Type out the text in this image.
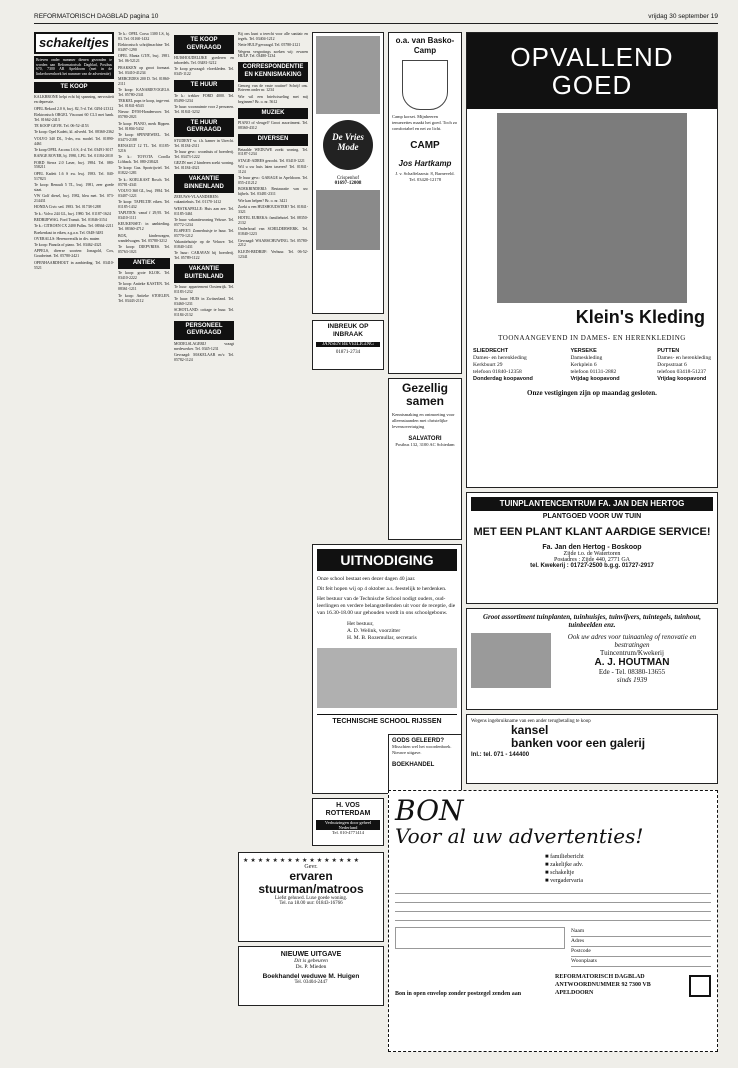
REFORMATORISCH DAGBLAD pagina 10	vrijdag 30 september 19
schakeltjes
Brieven onder nummer dienen gezonden te worden aan Reformatorisch Dagblad, Postbus 670, 7300 AR Apeldoorn (met in de linkerbovenhoek het nummer van de advertentie)
TE KOOP

KALKBRONE helpt echt bij spanning, nervositeit en depressie.

OPEL Rekord 2.0 S, bwj. 82, 5-d. Tel. 0294-21312

Elektronisch ORGEL Viscount 60 CL3 met bank. Tel. 01662-2413

TE KOOP GEVR. Tel. 06-52-4153

Te koop: Opel Kadett, kl. zilverbl. Tel. 08360-2362

VOLVO 340 DL, 3-drs, nw. model. Tel. 01890-4461

Te koop OPEL Ascona 1.6 S, 4-d. Tel. 03491-3017

RANGE ROVER, bj. 1980, LPG. Tel. 01184-2010

FORD Sierra 2.0 Laser, bwj. 1984. Tel. 080-558211

OPEL Kadett 1.6 S zw. bwj. 1983. Tel. 040-517823

Te koop: Renault 5 TL, bwj. 1981, zeer goede staat.

VW Golf diesel, bwj. 1982, bleu met. Tel. 073-214431

HONDA Civic sed. 1983. Tel. 01738-1288

Te k.: Volvo 244 GL, bwj. 1980. Tel. 01187-1624

BEDRIJFWAG. Ford Transit. Tel. 01846-3154

Te k.: CITROEN CX 2400 Pallas. Tel. 08364-2211

Boekenkast in eiken, z.g.a.n. Tel. 0348-3481

OVERALLS: Herenoveralls in div. maten

Te koop: Pianola of piano. Tel. 03462-4321

APPELS, diverse soorten: Jonagold, Cox, Goudreinet. Tel. 05780-2421

OPENHAARDHOUT in aanbieding. Tel. 03410-5521

Te k.: OPEL Corsa 1300 LS, bj. 83. Tel. 01160-1432

Elektronisch schrijfmachine Tel. 03497-1290

OPEL Manta GT/E, bwj. 1981. Tel. 06-52121

PRAKKEN op groot formaat. Tel. 03410-41234

MERCEDES 200 D. Tel. 01860-2111

Te koop: KANARIEVOGELS. Tel. 05780-2341

TEKKEL pups te koop, inge-ent. Tel. 01841-6543

Nieuw: DVM-Hondenvoer. Tel. 05780-2021

Te koop: PIANO, merk Rippen. Tel. 01804-5432

Te koop: SPINNEWIEL. Tel. 03473-2188

RENAULT 12 TL. Tel. 01185-5216

Te k.: TOYOTA Corolla Liftback. Tel. 080-238421

Te koop: Gaz. Sportrijwiel. Tel. 01822-1281

Te k.: KOELKAST Bosch. Tel. 05781-4341

VOLVO 360 GL, bwj. 1984. Tel. 03407-1221

Te koop: TAFELTJE eiken. Tel. 01185-1432

TAPIJTEN: vanaf f 29,95. Tel. 03410-1111

KEUKENSET: in aanbieding. Tel. 08360-4712

BOX, kinderwagen, wandelwagen. Tel. 05780-3212

Te koop: DIEPVRIES. Tel. 05763-1021

ANTIEK

Te koop: grote KLOK. Tel. 03410-2222

Te koop: Antieke KASTEN. Tel. 08361-1211

Te koop: Antieke STOELEN. Tel. 03443-2112

TE KOOP GEVRAAGD

HUISHOUDELIJKE goederen en inboedels. Tel. 03481-3212

Te koop gevraagd: vloerkleden. Tel. 0345-1122

TE HUUR

Te k.: trekker FORD 4000. Tel. 05490-1234

Te huur: woonruimte voor 2 personen. Tel. 01841-3232

TE HUUR GEVRAAGD

STUDENT vr. t.h. kamer in Utrecht. Tel. 01184-2311

Te huur gevr.: woonhuis of boerderij. Tel. 03473-1222

GEZIN met 2 kinderen zoekt woning. Tel. 01184-4321

VAKANTIE BINNENLAND

ZEEUWS-VLAANDEREN: vakantiehuis. Tel. 01170-1412

WESTKAPELLE: Huis aan zee. Tel. 01185-3461

Te huur: vakantiewoning Veluwe. Tel. 05772-1234

ELSPEET: Zomerhuisje te huur. Tel. 05770-1212

Vakantiehuisje op de Veluwe. Tel. 01840-1431

Te huur: CARAVAN bij boerderij. Tel. 05789-1122

VAKANTIE BUITENLAND

Te huur: appartement Oostenrijk. Tel. 01183-1232

Te huur: HUIS in Zwitserland. Tel. 03460-1231

SCHOTLAND: cottage te huur. Tel. 01184-2132

PERSONEEL GEVRAAGD

MODELSLAGERIJ vraagt medewerker. Tel. 0345-1231

Gevraagd: MAKELAAR m/v. Tel. 05782-1124

Bij ons kunt u terecht voor alle sanitair en tegels. Tel. 03404-1212

Nette HULP gevraagd. Tel. 05780-2121

Wegens vergrotings zoeken wij: ervaren HULP. Tel. 03480-1234

CORRESPONDENTIE EN KENNISMAKING

Genoeg van de vaste routine? Schrijf ons. Brieven onder nr. 1234

Wie wil een briefwisseling met mij beginnen? Br. o. nr. 5612

MUZIEK

PIANO of vleugel? Groot assortiment. Tel. 08360-4312

DIVERSEN

Betaalde WEDUWE zoekt woning. Tel. 01187-1234

STAGE-ADRES gezocht. Tel. 03410-1221

Wil u uw huis laten taxeren? Tel. 01841-1124

Te huur gevr.: GARAGE in Apeldoorn. Tel. 055-411212

BOEKBINDERIJ: Restauratie van uw bijbels. Tel. 03481-2311

Wie kan helpen? Br. o. nr. 3421

Zoekt u een HUISHOUDSTER? Tel. 01841-3321

HOTEL EUREKA: familiehotel. Tel. 08350-2132

Onderhoud van SCHILDERWERK. Tel. 01840-1223

Gevraagd: WAARSCHUWING. Tel. 05780-2212

KLEIN-BEDRIJF: Verhuur. Tel. 06-52-12341

De Vries
Mode
Crispenhof
01697-12008
INBREUK OP INBRAAK
JANSEN BEVEILIGING
01871-2734
o.a. van Basko-Camp
Camp korset. Mijnheeren tenuezettes maakt het goed. Toch zo comfortabel en net zo licht.
CAMP
Jos Hartkamp
J. v. Schaffelaarstr. 8, Barneveld. Tel. 03420-12178
Gezellig samen
Kennismaking en ontmoeting voor alleenstaanden met christelijke levensovertuiging
SALVATORI
Postbus 132, 3100 AC Schiedam
OPVALLEND GOED
Klein's Kleding
TOONAANGEVEND IN DAMES- EN HERENKLEDING
SLIEDRECHT
Dames- en herenkleding
Kerkbuurt 29
telefoon 01840-12358
Donderdag koopavond
YERSEKE
Dameskleding
Kerkplein 6
telefoon 01131-2882
Vrijdag koopavond
PUTTEN
Dames- en herenkleding
Dorpsstraat 6
telefoon 03418-51237
Vrijdag koopavond
Onze vestigingen zijn op maandag gesloten.
UITNODIGING
Onze school bestaat een dezer dagen 40 jaar.
Dit feit hopen wij op 4 oktober a.s. feestelijk te herdenken.
Het bestuur van de Technische School nodigt ouders, oud-leerlingen en verdere belangstellenden uit voor de receptie, die van 16.30-18.00 uur gehouden wordt in ons schoolgebouw.
Het bestuur,
A. D. Welink, voorzitter
H. M. B. Rozemullar, secretaris
TECHNISCHE SCHOOL RIJSSEN
TUINPLANTENCENTRUM FA. JAN DEN HERTOG
PLANTGOED VOOR UW TUIN
MET EEN PLANT KLANT AARDIGE SERVICE!
Fa. Jan den Hertog - Boskoop
Zijde t.o. de Watertoren
Postadres : Zijde 440, 2771 GA
tel. Kwekerij : 01727-2500 b.g.g. 01727-2917
Groot assortiment tuinplanten, tuinhuisjes, tuinvijvers, tuintegels, tuinhout, tuinbeelden enz.
Ook uw adres voor tuinaanleg of renovatie en bestratingen
Tuincentrum/Kwekerij
A. J. HOUTMAN
Ede - Tel. 08380-13655
sinds 1939
Wegens ingebruikname van een ander terugbetaling te koop
kansel
banken voor een galerij
Inl.: tel. 071 - 144400
GODS GELEERD?
Misschien wel het woordenboek. Nieuwe uitgave.
BOEKHANDEL
H. VOS ROTTERDAM
Verhuizingen door geheel Nederland
Tel. 010-4771414
★★★★★★★★★★★★★★★★
Gevr.
ervaren stuurman/matroos
Liefst gehuwd. Luxe goede woning.
Tel. na 18.00 uur: 01843-16766
NIEUWE UITGAVE
Dit is gebeuren
Ds. P. Mieden
Boekhandel weduwe M. Huigen
Tel. 03404-2447
BON
Voor al uw advertenties!
■ familiebericht
■ zakelijke adv.
■ schakeltje
■ vergadervaria
Naam
Adres
Postcode
Woonplaats
Bon in open envelop zonder postzegel zenden aan
REFORMATORISCH DAGBLAD ANTWOORDNUMMER 92 7300 VB APELDOORN
